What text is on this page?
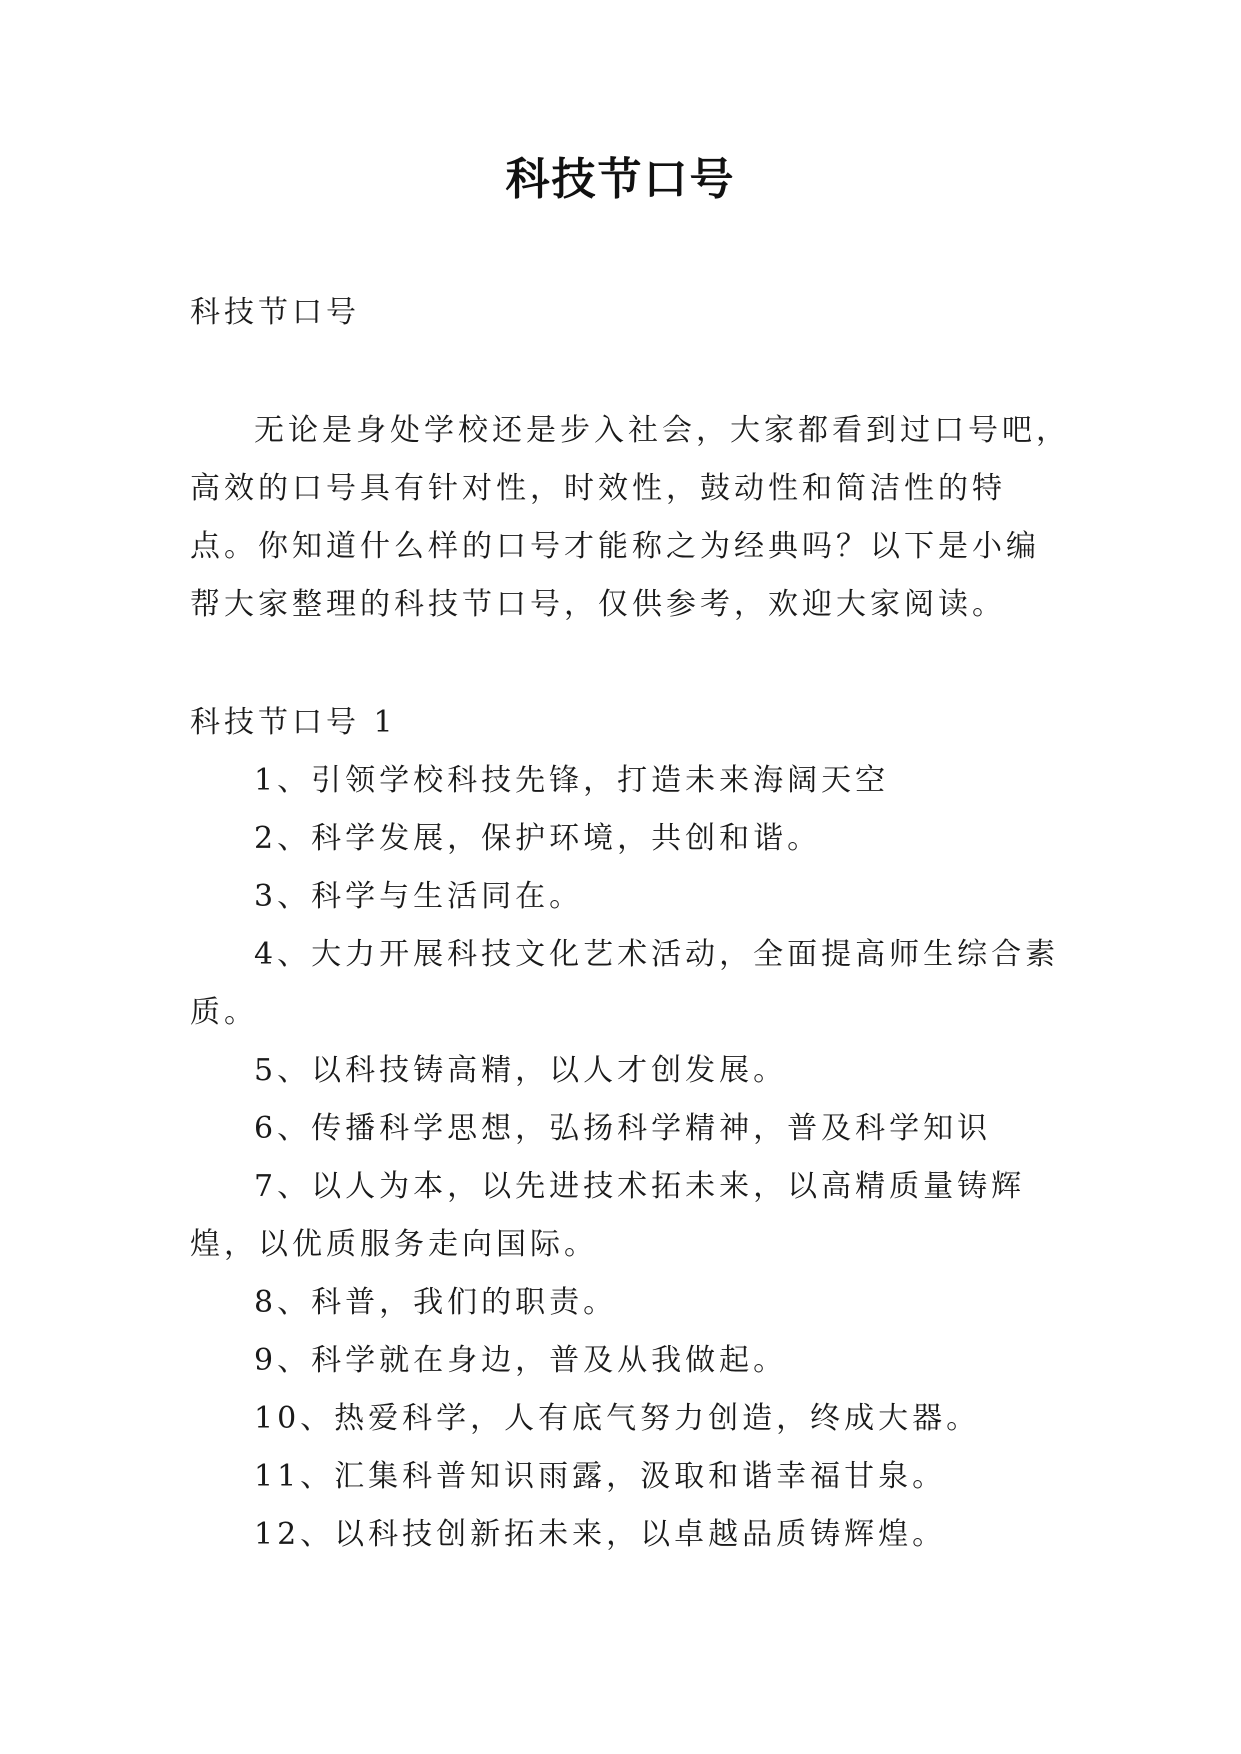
科技节口号
科技节口号

无论是身处学校还是步入社会，大家都看到过口号吧，高效的口号具有针对性，时效性，鼓动性和简洁性的特点。你知道什么样的口号才能称之为经典吗？以下是小编帮大家整理的科技节口号，仅供参考，欢迎大家阅读。

科技节口号 1

1、引领学校科技先锋，打造未来海阔天空

2、科学发展，保护环境，共创和谐。

3、科学与生活同在。

4、大力开展科技文化艺术活动，全面提高师生综合素质。

5、以科技铸高精，以人才创发展。

6、传播科学思想，弘扬科学精神，普及科学知识

7、以人为本，以先进技术拓未来，以高精质量铸辉煌，以优质服务走向国际。

8、科普，我们的职责。

9、科学就在身边，普及从我做起。

10、热爱科学，人有底气努力创造，终成大器。

11、汇集科普知识雨露，汲取和谐幸福甘泉。

12、以科技创新拓未来，以卓越品质铸辉煌。
